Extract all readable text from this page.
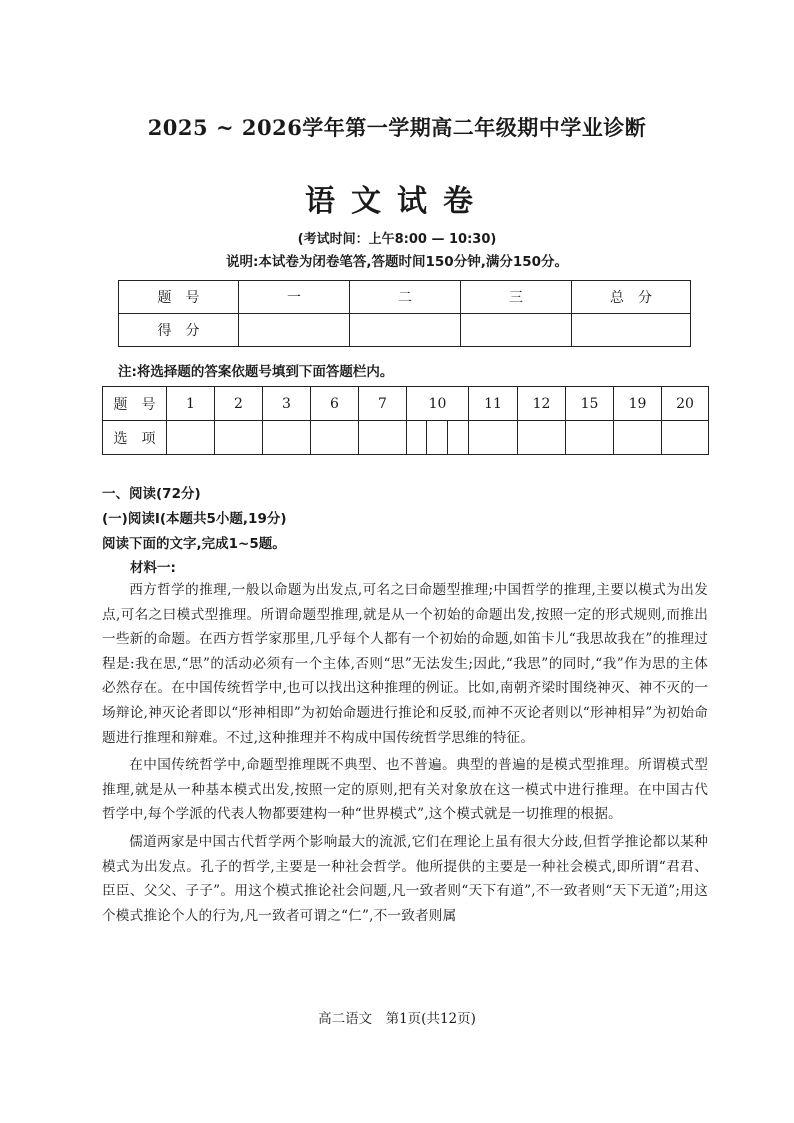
2025 ~ 2026学年第一学期高二年级期中学业诊断
语文试卷
(考试时间：上午8:00 — 10:30)
说明:本试卷为闭卷笔答,答题时间150分钟,满分150分。
题　号	一	二	三	总　分
得　分				
注:将选择题的答案依题号填到下面答题栏内。
题　号	1	2	3	6	7	10			11	12	15	19	20
选　项													
一、阅读(72分)
(一)阅读Ⅰ(本题共5小题,19分)
阅读下面的文字,完成1~5题。
材料一:

西方哲学的推理,一般以命题为出发点,可名之曰命题型推理;中国哲学的推理,主要以模式为出发点,可名之曰模式型推理。所谓命题型推理,就是从一个初始的命题出发,按照一定的形式规则,而推出一些新的命题。在西方哲学家那里,几乎每个人都有一个初始的命题,如笛卡儿“我思故我在”的推理过程是:我在思,“思”的活动必须有一个主体,否则“思”无法发生;因此,“我思”的同时,“我”作为思的主体必然存在。在中国传统哲学中,也可以找出这种推理的例证。比如,南朝齐梁时围绕神灭、神不灭的一场辩论,神灭论者即以“形神相即”为初始命题进行推论和反驳,而神不灭论者则以“形神相异”为初始命题进行推理和辩难。不过,这种推理并不构成中国传统哲学思维的特征。

在中国传统哲学中,命题型推理既不典型、也不普遍。典型的普遍的是模式型推理。所谓模式型推理,就是从一种基本模式出发,按照一定的原则,把有关对象放在这一模式中进行推理。在中国古代哲学中,每个学派的代表人物都要建构一种“世界模式”,这个模式就是一切推理的根据。

儒道两家是中国古代哲学两个影响最大的流派,它们在理论上虽有很大分歧,但哲学推论都以某种模式为出发点。孔子的哲学,主要是一种社会哲学。他所提供的主要是一种社会模式,即所谓“君君、臣臣、父父、子子”。用这个模式推论社会问题,凡一致者则“天下有道”,不一致者则“天下无道”;用这个模式推论个人的行为,凡一致者可谓之“仁”,不一致者则属

高二语文　第1页(共12页)
